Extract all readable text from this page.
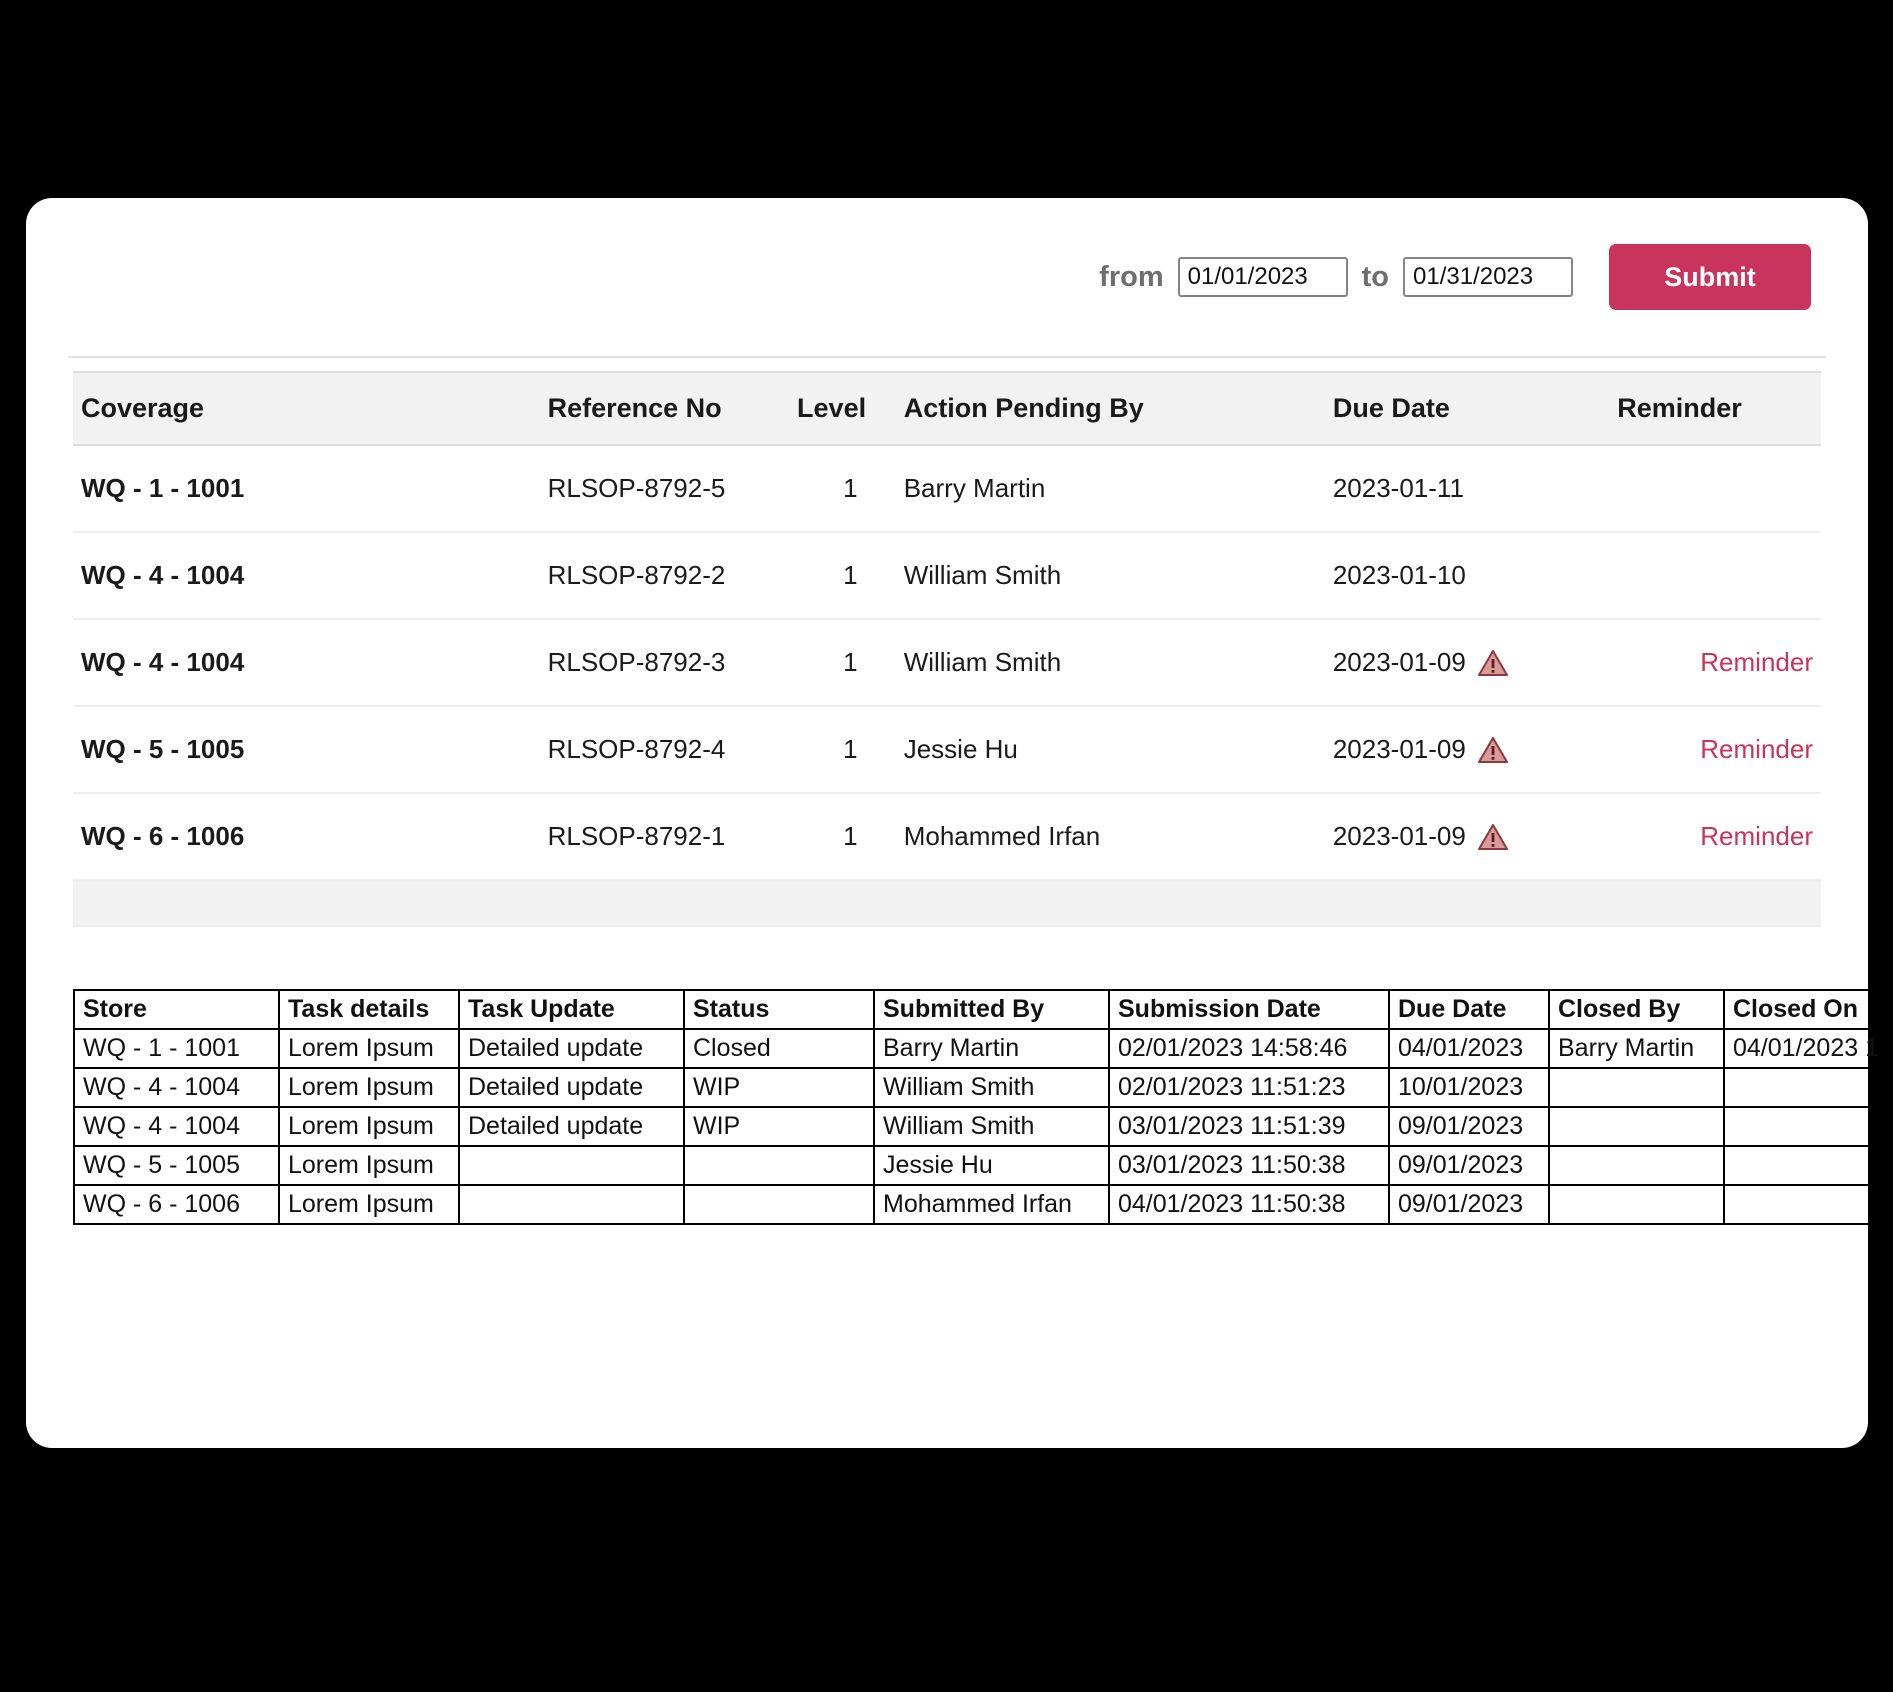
from
01/01/2023	to
01/31/2023	Submit
Coverage	Reference No	Level	Action Pending By	Due Date	Reminder
WQ - 1 - 1001	RLSOP-8792-5	1	Barry Martin	2023-01-11	

WQ - 4 - 1004	RLSOP-8792-2	1	William Smith	2023-01-10	

WQ - 4 - 1004	RLSOP-8792-3	1	William Smith	2023-01-09	Reminder
WQ - 5 - 1005	RLSOP-8792-4	1	Jessie Hu	2023-01-09	Reminder
WQ - 6 - 1006	RLSOP-8792-1	1	Mohammed Irfan	2023-01-09	Reminder

Store	Task details	Task Update	Status	Submitted By	Submission Date	Due Date	Closed By	Closed On
WQ - 1 - 1001	Lorem Ipsum	Detailed update	Closed	Barry Martin	02/01/2023 14:58:46	04/01/2023	Barry Martin	04/01/2023 1
WQ - 4 - 1004	Lorem Ipsum	Detailed update	WIP	William Smith	02/01/2023 11:51:23	10/01/2023		
WQ - 4 - 1004	Lorem Ipsum	Detailed update	WIP	William Smith	03/01/2023 11:51:39	09/01/2023		
WQ - 5 - 1005	Lorem Ipsum			Jessie Hu	03/01/2023 11:50:38	09/01/2023		
WQ - 6 - 1006	Lorem Ipsum			Mohammed Irfan	04/01/2023 11:50:38	09/01/2023		
